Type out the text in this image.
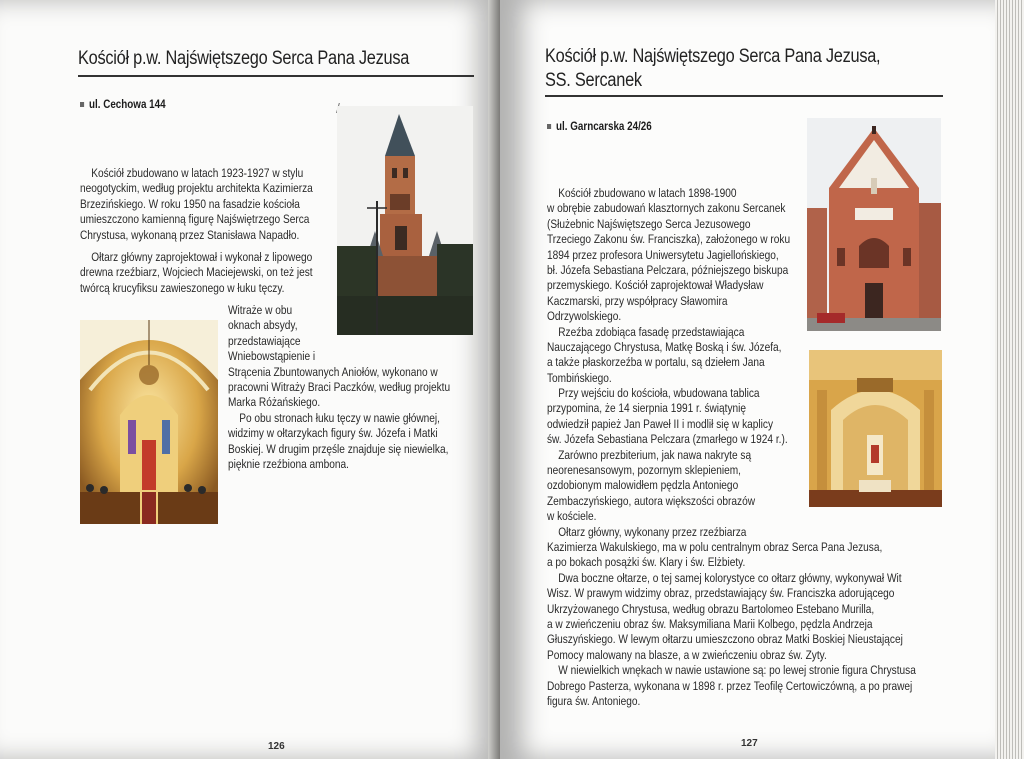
Kościół p.w. Najświętszego Serca Pana Jezusa
ul. Cechowa 144
Kościół zbudowano w latach 1923-1927 w stylu
neogotyckim, według projektu architekta Kazimierza
Brzezińskiego. W roku 1950 na fasadzie kościoła
umieszczono kamienną figurę Najświętrzego Serca
Chrystusa, wykonaną przez Stanisława Napadło.
Ołtarz główny zaprojektował i wykonał z lipowego
drewna rzeźbiarz, Wojciech Maciejewski, on też jest
twórcą krucyfiksu zawieszonego w łuku tęczy.
Witraże w obu
oknach absydy,
przedstawiające
Wniebowstąpienie i
Strącenia Zbuntowanych Aniołów, wykonano w
pracowni Witraży Braci Paczków, według projektu
Marka Różańskiego.
Po obu stronach łuku tęczy w nawie głównej,
widzimy w ołtarzykach figury św. Józefa i Matki
Boskiej. W drugim przęśle znajduje się niewielka,
pięknie rzeźbiona ambona.
126
Kościół p.w. Najświętszego Serca Pana Jezusa,
SS. Sercanek
ul. Garncarska 24/26
Kościół zbudowano w latach 1898-1900
w obrębie zabudowań klasztornych zakonu Sercanek
(Służebnic Najświętszego Serca Jezusowego
Trzeciego Zakonu św. Franciszka), założonego w roku
1894 przez profesora Uniwersytetu Jagiellońskiego,
bł. Józefa Sebastiana Pelczara, późniejszego biskupa
przemyskiego. Kościół zaprojektował Władysław
Kaczmarski, przy współpracy Sławomira
Odrzywolskiego.
Rzeźba zdobiąca fasadę przedstawiająca
Nauczającego Chrystusa, Matkę Boską i św. Józefa,
a także płaskorzeźba w portalu, są dziełem Jana
Tombińskiego.
Przy wejściu do kościoła, wbudowana tablica
przypomina, że 14 sierpnia 1991 r. świątynię
odwiedził papież Jan Paweł II i modlił się w kaplicy
św. Józefa Sebastiana Pelczara (zmarłego w 1924 r.).
Zarówno prezbiterium, jak nawa nakryte są
neorenesansowym, pozornym sklepieniem,
ozdobionym malowidłem pędzla Antoniego
Zembaczyńskiego, autora większości obrazów
w kościele.
Ołtarz główny, wykonany przez rzeźbiarza
Kazimierza Wakulskiego, ma w polu centralnym obraz Serca Pana Jezusa,
a po bokach posążki św. Klary i św. Elżbiety.
Dwa boczne ołtarze, o tej samej kolorystyce co ołtarz główny, wykonywał Wit
Wisz. W prawym widzimy obraz, przedstawiający św. Franciszka adorującego
Ukrzyżowanego Chrystusa, według obrazu Bartolomeo Estebano Murilla,
a w zwieńczeniu obraz św. Maksymiliana Marii Kolbego, pędzla Andrzeja
Głuszyńskiego. W lewym ołtarzu umieszczono obraz Matki Boskiej Nieustającej
Pomocy malowany na blasze, a w zwieńczeniu obraz św. Zyty.
W niewielkich wnękach w nawie ustawione są: po lewej stronie figura Chrystusa
Dobrego Pasterza, wykonana w 1898 r. przez Teofilę Certowiczówną, a po prawej
figura św. Antoniego.
127
